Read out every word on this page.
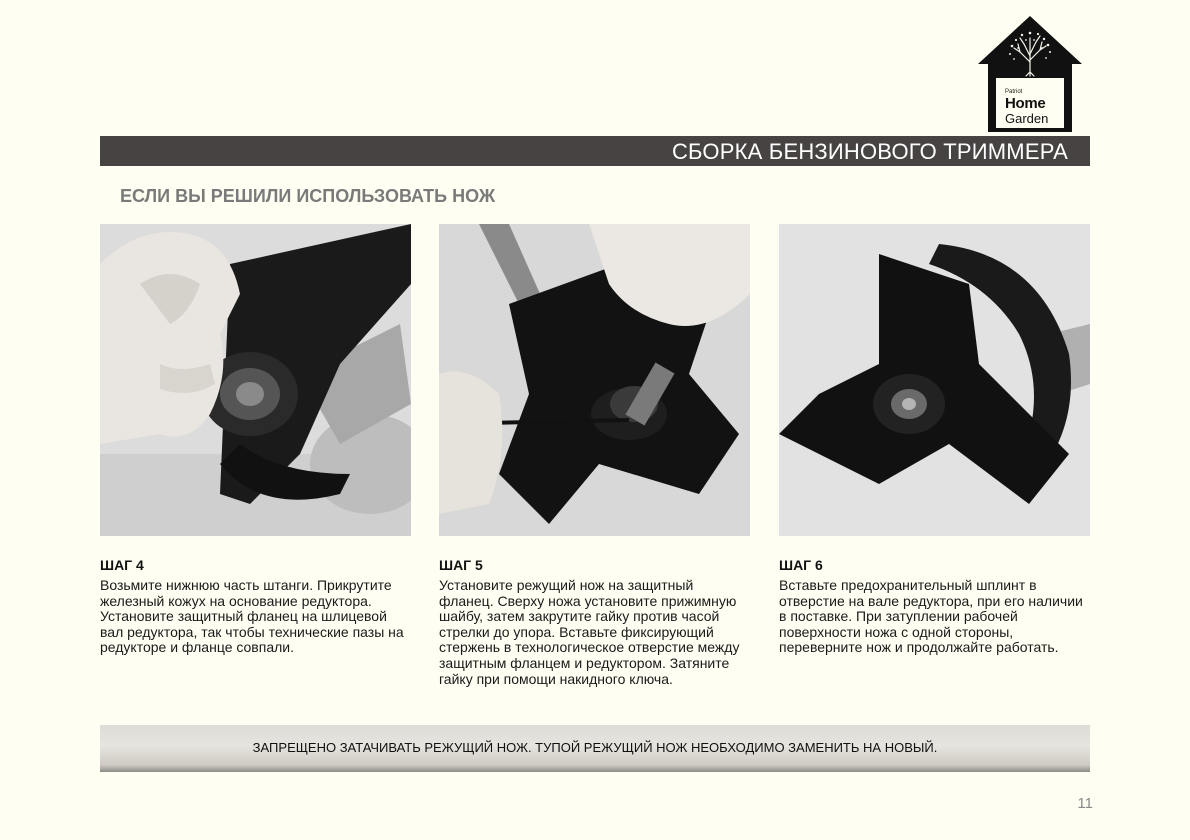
Patriot
Home
Garden
СБОРКА БЕНЗИНОВОГО ТРИММЕРА
ЕСЛИ ВЫ РЕШИЛИ ИСПОЛЬЗОВАТЬ НОЖ

ШАГ 4

Возьмите нижнюю часть штанги. Прикрутите железный кожух на основание редуктора. Установите защитный фланец на шлицевой вал редуктора, так чтобы технические пазы на редукторе и фланце совпали.

ШАГ 5

Установите режущий нож на защитный фланец. Сверху ножа установите прижимную шайбу, затем закрутите гайку против часой стрелки до упора. Вставьте фиксирующий стержень в технологическое отверстие между защитным фланцем и редуктором. Затяните гайку при помощи накидного ключа.

ШАГ 6

Вставьте предохранительный шплинт в отверстие на вале редуктора, при его наличии в поставке. При затуплении рабочей поверхности ножа с одной стороны, переверните нож и продолжайте работать.

ЗАПРЕЩЕНО ЗАТАЧИВАТЬ РЕЖУЩИЙ НОЖ. ТУПОЙ РЕЖУЩИЙ НОЖ НЕОБХОДИМО ЗАМЕНИТЬ НА НОВЫЙ.
11
